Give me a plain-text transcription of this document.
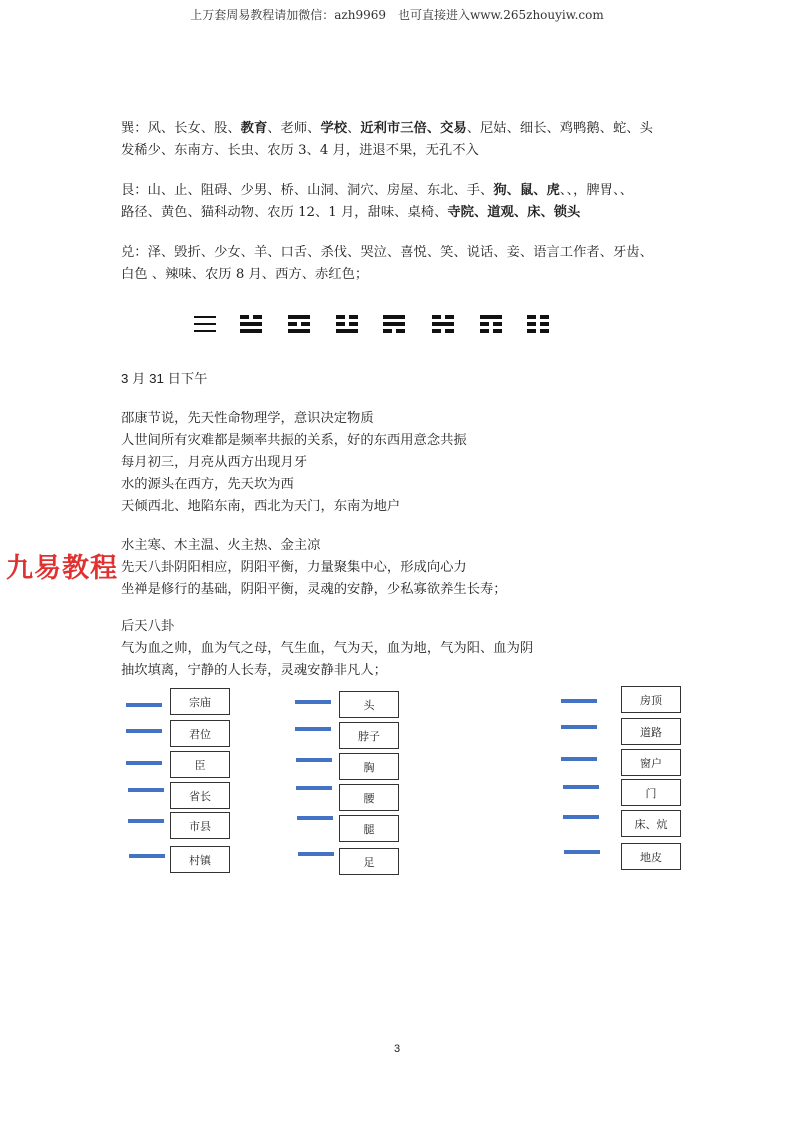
上万套周易教程请加微信：azh9969　也可直接进入www.265zhouyiw.com

巽：风、长女、股、教育、老师、学校、近利市三倍、交易、尼姑、细长、鸡鸭鹅、蛇、头
发稀少、东南方、长虫、农历 3、4 月，进退不果，无孔不入

艮：山、止、阻碍、少男、桥、山洞、洞穴、房屋、东北、手、狗、鼠、虎、、，脾胃、、
路径、黄色、猫科动物、农历 12、1 月，甜味、桌椅、寺院、道观、床、锁头

兑：泽、毁折、少女、羊、口舌、杀伐、哭泣、喜悦、笑、说话、妾、语言工作者、牙齿、
白色 、辣味、农历 8 月、西方、赤红色；

3 月 31 日下午

邵康节说，先天性命物理学，意识决定物质
人世间所有灾难都是频率共振的关系，好的东西用意念共振
每月初三，月亮从西方出现月牙
水的源头在西方，先天坎为西
天倾西北、地陷东南，西北为天门，东南为地户

水主寒、木主温、火主热、金主凉
先天八卦阴阳相应，阴阳平衡，力量聚集中心，形成向心力
坐禅是修行的基础，阴阳平衡，灵魂的安静，少私寡欲养生长寿；

后天八卦
气为血之帅，血为气之母，气生血，气为天，血为地，气为阳、血为阴
抽坎填离，宁静的人长寿，灵魂安静非凡人；

宗庙
君位
臣
省长
市县
村镇
头
脖子
胸
腰
腿
足
房顶
道路
窗户
门
床、炕
地皮
九易教程
3
